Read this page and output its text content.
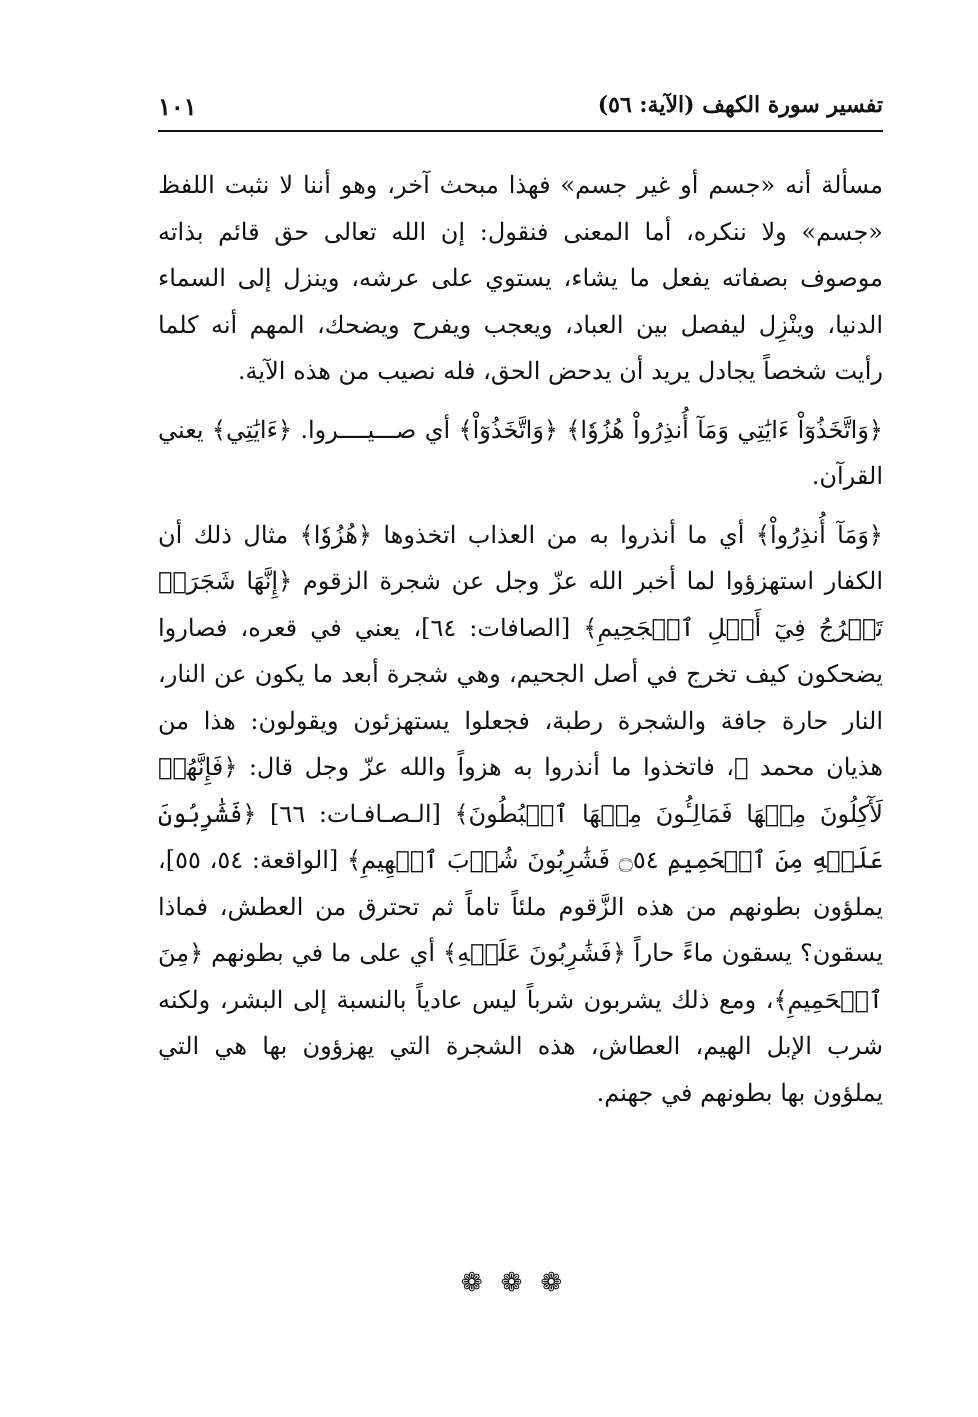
تفسير سورة الكهف (الآية: ٥٦)
١٠١

مسألة أنه «جسم أو غير جسم» فهذا مبحث آخر، وهو أننا لا نثبت اللفظ «جسم» ولا ننكره، أما المعنى فنقول: إن الله تعالى حق قائم بذاته موصوف بصفاته يفعل ما يشاء، يستوي على عرشه، وينزل إلى السماء الدنيا، وينْزِل ليفصل بين العباد، ويعجب ويفرح ويضحك، المهم أنه كلما رأيت شخصاً يجادل يريد أن يدحض الحق، فله نصيب من هذه الآية.

﴿وَاتَّخَذُوٓاْ ءَايَٰتِي وَمَآ أُنذِرُواْ هُزُوٗا﴾ ﴿وَاتَّخَذُوٓاْ﴾ أي صـــيــــروا. ﴿ءَايَٰتِي﴾ يعني القرآن.

﴿وَمَآ أُنذِرُواْ﴾ أي ما أنذروا به من العذاب اتخذوها ﴿هُزُوٗا﴾ مثال ذلك أن الكفار استهزؤوا لما أخبر الله عزّ وجل عن شجرة الزقوم ﴿إِنَّهَا شَجَرَةٞ تَخۡرُجُ فِيٓ أَصۡلِ ٱلۡجَحِيمِ﴾ [الصافات: ٦٤]، يعني في قعره، فصاروا يضحكون كيف تخرج في أصل الجحيم، وهي شجرة أبعد ما يكون عن النار، النار حارة جافة والشجرة رطبة، فجعلوا يستهزئون ويقولون: هذا من هذيان محمد ﷺ، فاتخذوا ما أنذروا به هزواً والله عزّ وجل قال: ﴿فَإِنَّهُمۡ لَأٓكِلُونَ مِنۡهَا فَمَالِـُٔونَ مِنۡهَا ٱلۡبُطُونَ﴾ [الـصـافـات: ٦٦] ﴿فَشَٰرِبُونَ عَلَيۡهِ مِنَ ٱلۡحَمِيمِ ۝٥٤ فَشَٰرِبُونَ شُرۡبَ ٱلۡهِيمِ﴾ [الواقعة: ٥٤، ٥٥]، يملؤون بطونهم من هذه الزَّقوم ملئاً تاماً ثم تحترق من العطش، فماذا يسقون؟ يسقون ماءً حاراً ﴿فَشَٰرِبُونَ عَلَيۡهِ﴾ أي على ما في بطونهم ﴿مِنَ ٱلۡحَمِيمِ﴾، ومع ذلك يشربون شرباً ليس عادياً بالنسبة إلى البشر، ولكنه شرب الإبل الهيم، العطاش، هذه الشجرة التي يهزؤون بها هي التي يملؤون بها بطونهم في جهنم.

❁❁❁
